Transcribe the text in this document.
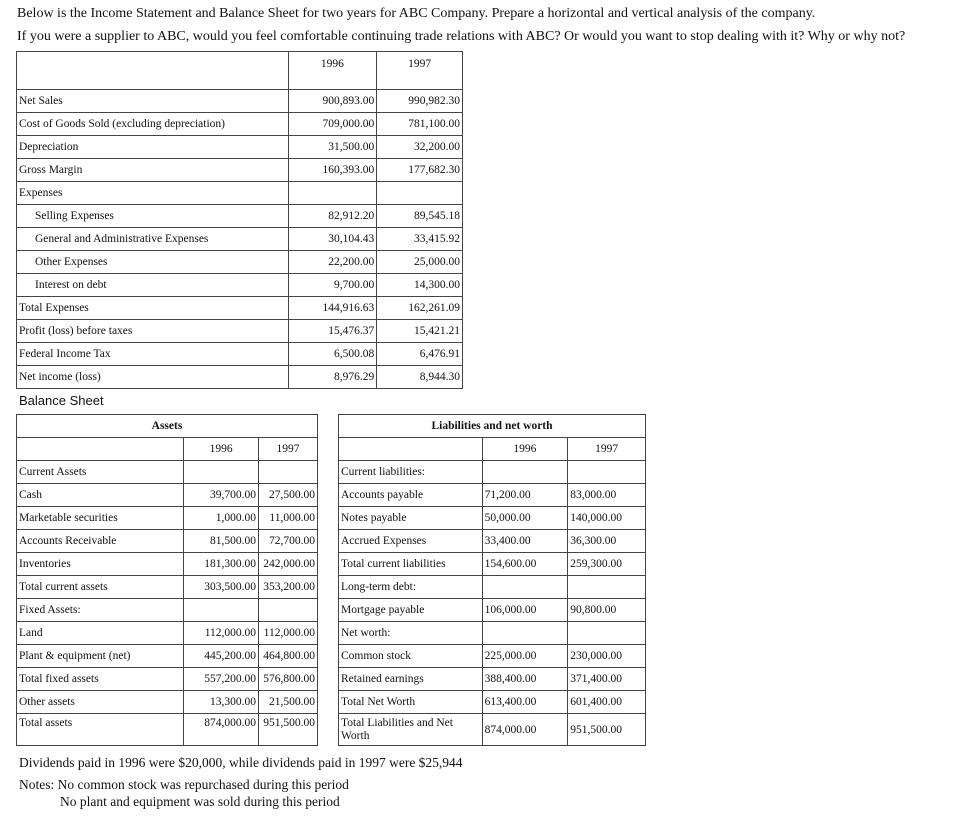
Below is the Income Statement and Balance Sheet for two years for ABC Company. Prepare a horizontal and vertical analysis of the company.
If you were a supplier to ABC, would you feel comfortable continuing trade relations with ABC? Or would you want to stop dealing with it? Why or why not?
	1996	1997
Net Sales	900,893.00	990,982.30
Cost of Goods Sold (excluding depreciation)	709,000.00	781,100.00
Depreciation	31,500.00	32,200.00
Gross Margin	160,393.00	177,682.30
Expenses		
Selling Expenses	82,912.20	89,545.18
General and Administrative Expenses	30,104.43	33,415.92
Other Expenses	22,200.00	25,000.00
Interest on debt	9,700.00	14,300.00
Total Expenses	144,916.63	162,261.09
Profit (loss) before taxes	15,476.37	15,421.21
Federal Income Tax	6,500.08	6,476.91
Net income (loss)	8,976.29	8,944.30
Balance Sheet
Assets		
	1996	1997
Current Assets		
Cash	39,700.00	27,500.00
Marketable securities	1,000.00	11,000.00
Accounts Receivable	81,500.00	72,700.00
Inventories	181,300.00	242,000.00
Total current assets	303,500.00	353,200.00
Fixed Assets:		
Land	112,000.00	112,000.00
Plant & equipment (net)	445,200.00	464,800.00
Total fixed assets	557,200.00	576,800.00
Other assets	13,300.00	21,500.00
Total assets	874,000.00	951,500.00
Liabilities and net worth		
	1996	1997
Current liabilities:		
Accounts payable	71,200.00	83,000.00
Notes payable	50,000.00	140,000.00
Accrued Expenses	33,400.00	36,300.00
Total current liabilities	154,600.00	259,300.00
Long-term debt:		
Mortgage payable	106,000.00	90,800.00
Net worth:		
Common stock	225,000.00	230,000.00
Retained earnings	388,400.00	371,400.00
Total Net Worth	613,400.00	601,400.00
Total Liabilities and Net Worth	874,000.00	951,500.00
Dividends paid in 1996 were $20,000, while dividends paid in 1997 were $25,944
Notes: No common stock was repurchased during this period
No plant and equipment was sold during this period
